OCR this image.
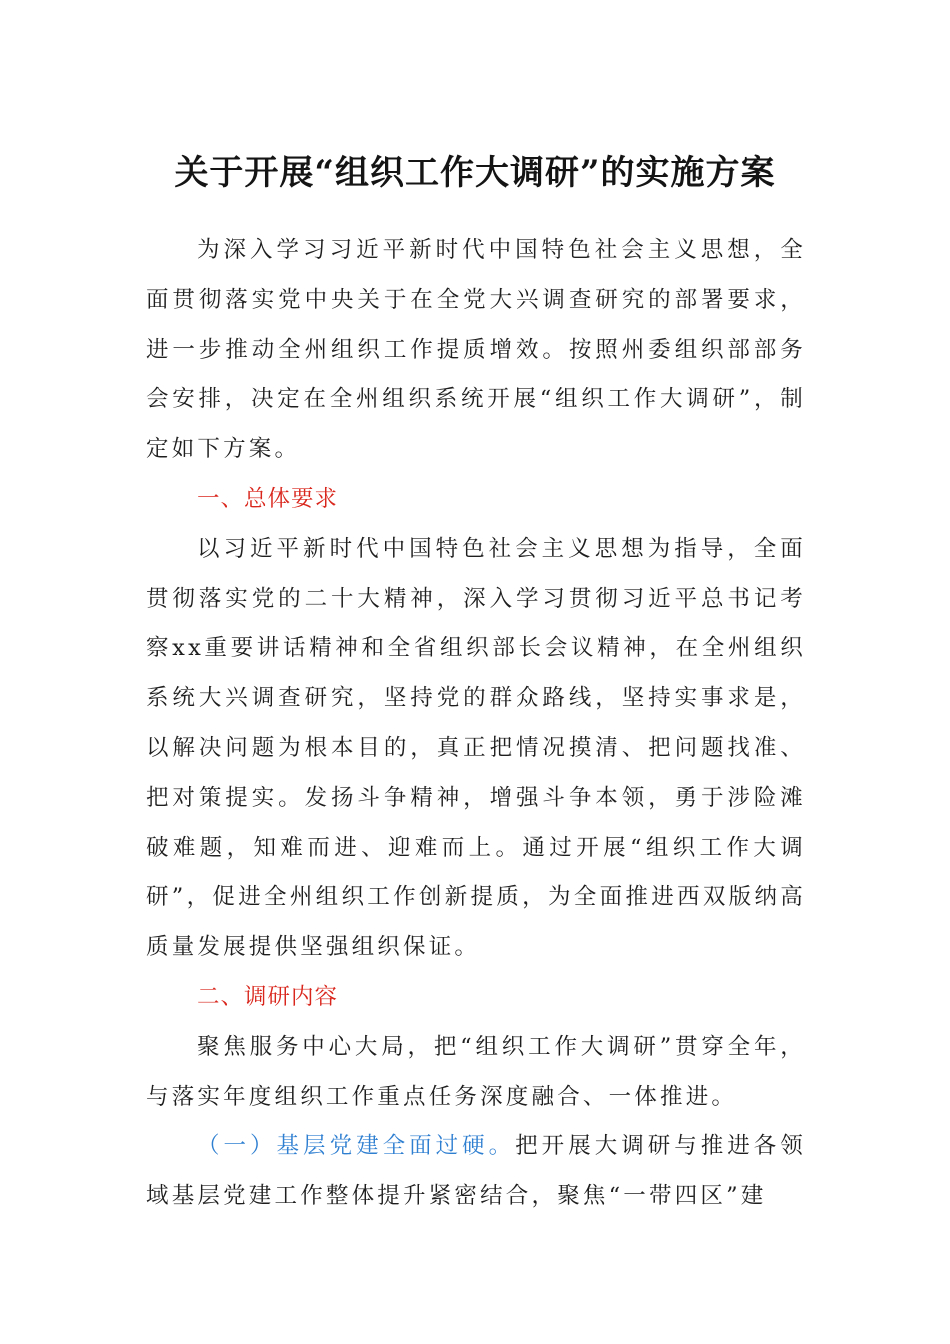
关于开展“组织工作大调研”的实施方案

为深入学习习近平新时代中国特色社会主义思想，全面贯彻落实党中央关于在全党大兴调查研究的部署要求，进一步推动全州组织工作提质增效。按照州委组织部部务会安排，决定在全州组织系统开展“组织工作大调研”，制定如下方案。

一、总体要求

以习近平新时代中国特色社会主义思想为指导，全面贯彻落实党的二十大精神，深入学习贯彻习近平总书记考察xx重要讲话精神和全省组织部长会议精神，在全州组织系统大兴调查研究，坚持党的群众路线，坚持实事求是，以解决问题为根本目的，真正把情况摸清、把问题找准、把对策提实。发扬斗争精神，增强斗争本领，勇于涉险滩破难题，知难而进、迎难而上。通过开展“组织工作大调研”，促进全州组织工作创新提质，为全面推进西双版纳高质量发展提供坚强组织保证。

二、调研内容

聚焦服务中心大局，把“组织工作大调研”贯穿全年，与落实年度组织工作重点任务深度融合、一体推进。

（一）基层党建全面过硬。把开展大调研与推进各领域基层党建工作整体提升紧密结合，聚焦“一带四区”建
